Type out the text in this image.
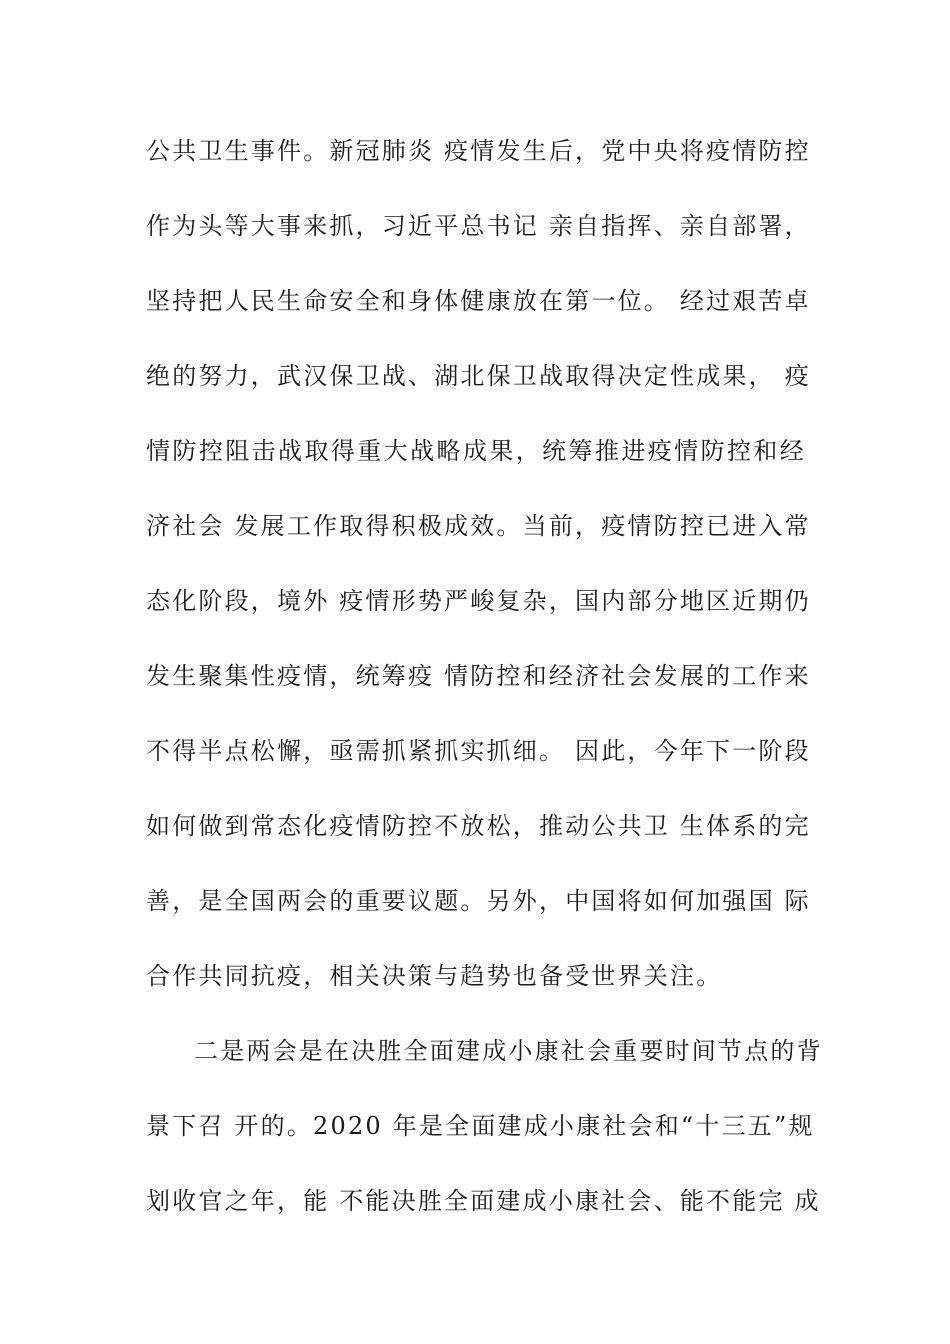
公共卫生事件。新冠肺炎 疫情发生后，党中央将疫情防控
作为头等大事来抓，习近平总书记 亲自指挥、亲自部署，
坚持把人民生命安全和身体健康放在第一位。 经过艰苦卓
绝的努力，武汉保卫战、湖北保卫战取得决定性成果， 疫
情防控阻击战取得重大战略成果，统筹推进疫情防控和经
济社会 发展工作取得积极成效。当前，疫情防控已进入常
态化阶段，境外 疫情形势严峻复杂，国内部分地区近期仍
发生聚集性疫情，统筹疫 情防控和经济社会发展的工作来
不得半点松懈，亟需抓紧抓实抓细。 因此，今年下一阶段
如何做到常态化疫情防控不放松，推动公共卫 生体系的完
善，是全国两会的重要议题。另外，中国将如何加强国 际
合作共同抗疫，相关决策与趋势也备受世界关注。
二是两会是在决胜全面建成小康社会重要时间节点的背
景下召 开的。2020 年是全面建成小康社会和“十三五”规
划收官之年，能 不能决胜全面建成小康社会、能不能完 成
